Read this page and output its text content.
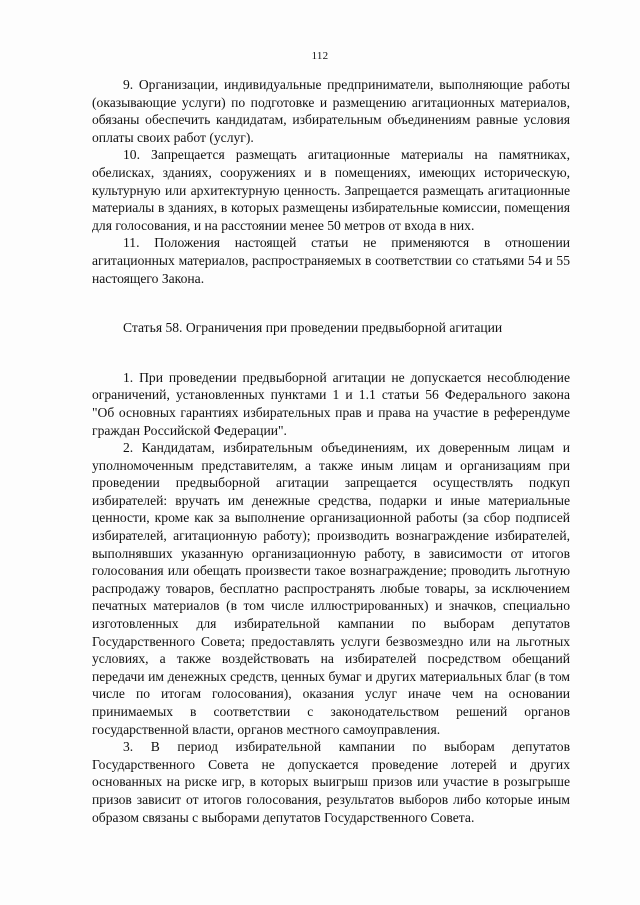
112

9. Организации, индивидуальные предприниматели, выполняющие работы (оказывающие услуги) по подготовке и размещению агитационных материалов, обязаны обеспечить кандидатам, избирательным объединениям равные условия оплаты своих работ (услуг).

10. Запрещается размещать агитационные материалы на памятниках, обелисках, зданиях, сооружениях и в помещениях, имеющих историческую, культурную или архитектурную ценность. Запрещается размещать агитационные материалы в зданиях, в которых размещены избирательные комиссии, помещения для голосования, и на расстоянии менее 50 метров от входа в них.

11. Положения настоящей статьи не применяются в отношении агитационных материалов, распространяемых в соответствии со статьями 54 и 55 настоящего Закона.

Статья 58. Ограничения при проведении предвыборной агитации

1. При проведении предвыборной агитации не допускается несоблюдение ограничений, установленных пунктами 1 и 1.1 статьи 56 Федерального закона "Об основных гарантиях избирательных прав и права на участие в референдуме граждан Российской Федерации".

2. Кандидатам, избирательным объединениям, их доверенным лицам и уполномоченным представителям, а также иным лицам и организациям при проведении предвыборной агитации запрещается осуществлять подкуп избирателей: вручать им денежные средства, подарки и иные материальные ценности, кроме как за выполнение организационной работы (за сбор подписей избирателей, агитационную работу); производить вознаграждение избирателей, выполнявших указанную организационную работу, в зависимости от итогов голосования или обещать произвести такое вознаграждение; проводить льготную распродажу товаров, бесплатно распространять любые товары, за исключением печатных материалов (в том числе иллюстрированных) и значков, специально изготовленных для избирательной кампании по выборам депутатов Государственного Совета; предоставлять услуги безвозмездно или на льготных условиях, а также воздействовать на избирателей посредством обещаний передачи им денежных средств, ценных бумаг и других материальных благ (в том числе по итогам голосования), оказания услуг иначе чем на основании принимаемых в соответствии с законодательством решений органов государственной власти, органов местного самоуправления.

3. В период избирательной кампании по выборам депутатов Государственного Совета не допускается проведение лотерей и других основанных на риске игр, в которых выигрыш призов или участие в розыгрыше призов зависит от итогов голосования, результатов выборов либо которые иным образом связаны с выборами депутатов Государственного Совета.
